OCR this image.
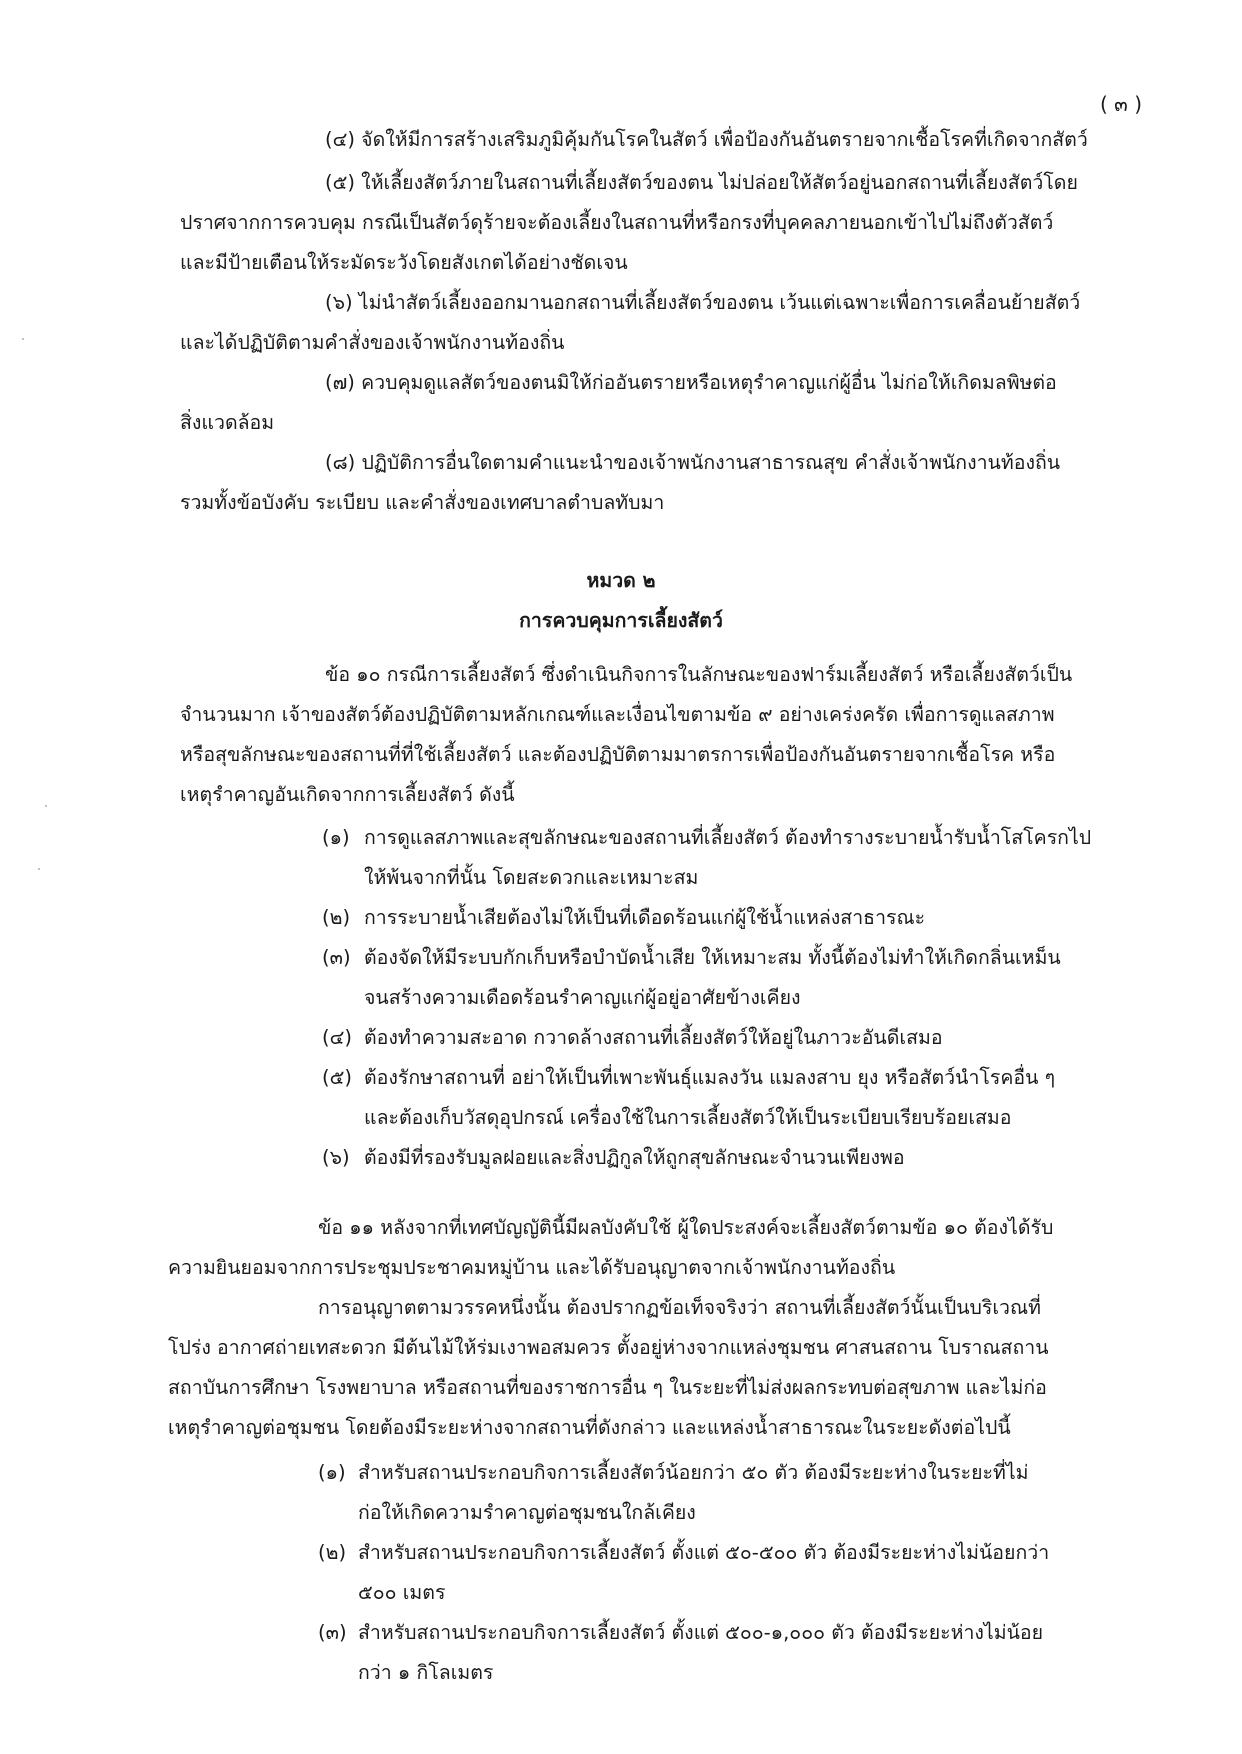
( ๓ )
(๔) จัดให้มีการสร้างเสริมภูมิคุ้มกันโรคในสัตว์ เพื่อป้องกันอันตรายจากเชื้อโรคที่เกิดจากสัตว์
(๕) ให้เลี้ยงสัตว์ภายในสถานที่เลี้ยงสัตว์ของตน ไม่ปล่อยให้สัตว์อยู่นอกสถานที่เลี้ยงสัตว์โดย
ปราศจากการควบคุม กรณีเป็นสัตว์ดุร้ายจะต้องเลี้ยงในสถานที่หรือกรงที่บุคคลภายนอกเข้าไปไม่ถึงตัวสัตว์
และมีป้ายเตือนให้ระมัดระวังโดยสังเกตได้อย่างชัดเจน
(๖) ไม่นำสัตว์เลี้ยงออกมานอกสถานที่เลี้ยงสัตว์ของตน เว้นแต่เฉพาะเพื่อการเคลื่อนย้ายสัตว์
และได้ปฏิบัติตามคำสั่งของเจ้าพนักงานท้องถิ่น
(๗) ควบคุมดูแลสัตว์ของตนมิให้ก่ออันตรายหรือเหตุรำคาญแก่ผู้อื่น ไม่ก่อให้เกิดมลพิษต่อ
สิ่งแวดล้อม
(๘) ปฏิบัติการอื่นใดตามคำแนะนำของเจ้าพนักงานสาธารณสุข คำสั่งเจ้าพนักงานท้องถิ่น
รวมทั้งข้อบังคับ ระเบียบ และคำสั่งของเทศบาลตำบลทับมา
หมวด ๒
การควบคุมการเลี้ยงสัตว์
ข้อ ๑๐ กรณีการเลี้ยงสัตว์ ซึ่งดำเนินกิจการในลักษณะของฟาร์มเลี้ยงสัตว์ หรือเลี้ยงสัตว์เป็น
จำนวนมาก เจ้าของสัตว์ต้องปฏิบัติตามหลักเกณฑ์และเงื่อนไขตามข้อ ๙ อย่างเคร่งครัด เพื่อการดูแลสภาพ
หรือสุขลักษณะของสถานที่ที่ใช้เลี้ยงสัตว์ และต้องปฏิบัติตามมาตรการเพื่อป้องกันอันตรายจากเชื้อโรค หรือ
เหตุรำคาญอันเกิดจากการเลี้ยงสัตว์ ดังนี้
(๑) การดูแลสภาพและสุขลักษณะของสถานที่เลี้ยงสัตว์ ต้องทำรางระบายน้ำรับน้ำโสโครกไป
ให้พ้นจากที่นั้น โดยสะดวกและเหมาะสม
(๒) การระบายน้ำเสียต้องไม่ให้เป็นที่เดือดร้อนแก่ผู้ใช้น้ำแหล่งสาธารณะ
(๓) ต้องจัดให้มีระบบกักเก็บหรือบำบัดน้ำเสีย ให้เหมาะสม ทั้งนี้ต้องไม่ทำให้เกิดกลิ่นเหม็น
จนสร้างความเดือดร้อนรำคาญแก่ผู้อยู่อาศัยข้างเคียง
(๔) ต้องทำความสะอาด กวาดล้างสถานที่เลี้ยงสัตว์ให้อยู่ในภาวะอันดีเสมอ
(๕) ต้องรักษาสถานที่ อย่าให้เป็นที่เพาะพันธุ์แมลงวัน แมลงสาบ ยุง หรือสัตว์นำโรคอื่น ๆ
และต้องเก็บวัสดุอุปกรณ์ เครื่องใช้ในการเลี้ยงสัตว์ให้เป็นระเบียบเรียบร้อยเสมอ
(๖) ต้องมีที่รองรับมูลฝอยและสิ่งปฏิกูลให้ถูกสุขลักษณะจำนวนเพียงพอ
ข้อ ๑๑ หลังจากที่เทศบัญญัตินี้มีผลบังคับใช้ ผู้ใดประสงค์จะเลี้ยงสัตว์ตามข้อ ๑๐ ต้องได้รับ
ความยินยอมจากการประชุมประชาคมหมู่บ้าน และได้รับอนุญาตจากเจ้าพนักงานท้องถิ่น
การอนุญาตตามวรรคหนึ่งนั้น ต้องปรากฏข้อเท็จจริงว่า สถานที่เลี้ยงสัตว์นั้นเป็นบริเวณที่
โปร่ง อากาศถ่ายเทสะดวก มีต้นไม้ให้ร่มเงาพอสมควร ตั้งอยู่ห่างจากแหล่งชุมชน ศาสนสถาน โบราณสถาน
สถาบันการศึกษา โรงพยาบาล หรือสถานที่ของราชการอื่น ๆ ในระยะที่ไม่ส่งผลกระทบต่อสุขภาพ และไม่ก่อ
เหตุรำคาญต่อชุมชน โดยต้องมีระยะห่างจากสถานที่ดังกล่าว และแหล่งน้ำสาธารณะในระยะดังต่อไปนี้
(๑) สำหรับสถานประกอบกิจการเลี้ยงสัตว์น้อยกว่า ๕๐ ตัว ต้องมีระยะห่างในระยะที่ไม่
ก่อให้เกิดความรำคาญต่อชุมชนใกล้เคียง
(๒) สำหรับสถานประกอบกิจการเลี้ยงสัตว์ ตั้งแต่ ๕๐-๕๐๐ ตัว ต้องมีระยะห่างไม่น้อยกว่า
๕๐๐ เมตร
(๓) สำหรับสถานประกอบกิจการเลี้ยงสัตว์ ตั้งแต่ ๕๐๐-๑,๐๐๐ ตัว ต้องมีระยะห่างไม่น้อย
กว่า ๑ กิโลเมตร
